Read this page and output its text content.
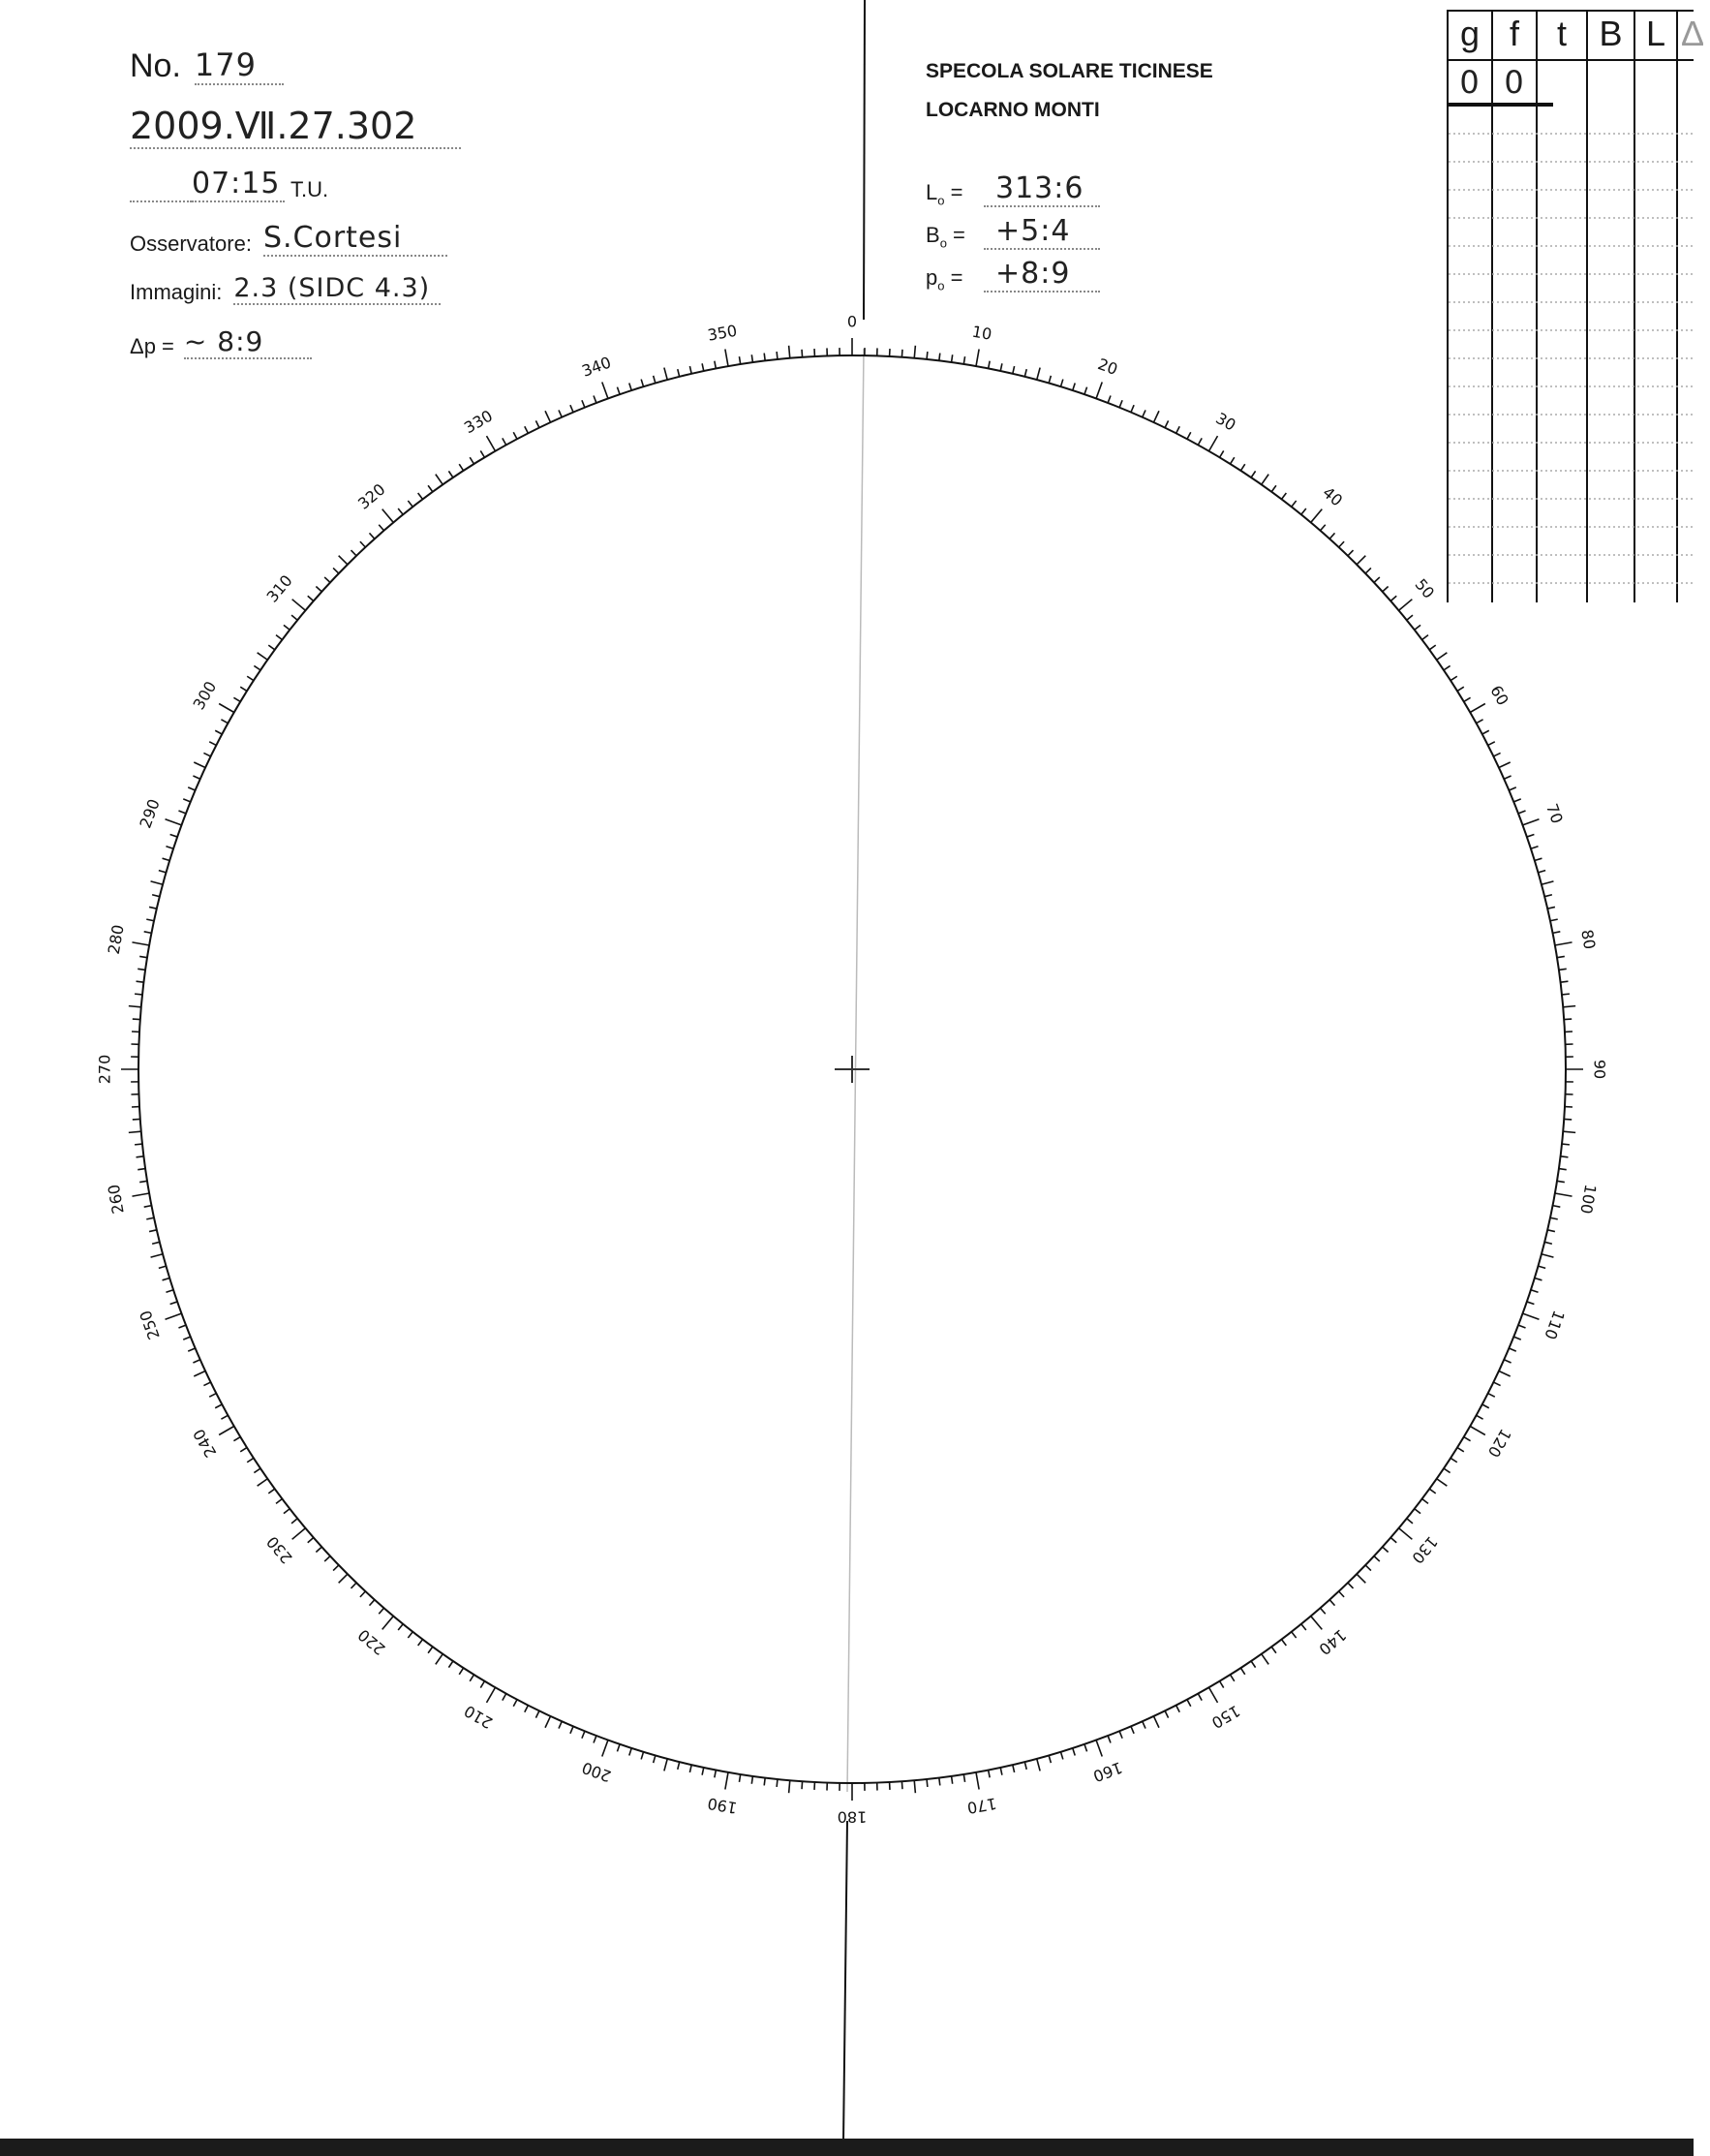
No. 179
2009.Ⅶ.27.302
07:15 T.U.
Osservatore: S.Cortesi
Immagini: 2.3 (SIDC 4.3)
Δp = ~ 8:9
SPECOLA SOLARE TICINESE
LOCARNO MONTI
$L_o$ =	313:6
$B_o$ =	+5:4
$p_o$ =	+8:9
g f	t B L Δ
0 0
0
10
20
30
40
50
60
70
80
90
100
110
120
130
140
150
160
170
180
190
200
210
220
230
240
250
260
270
280
290
300
310
320
330
340
350
